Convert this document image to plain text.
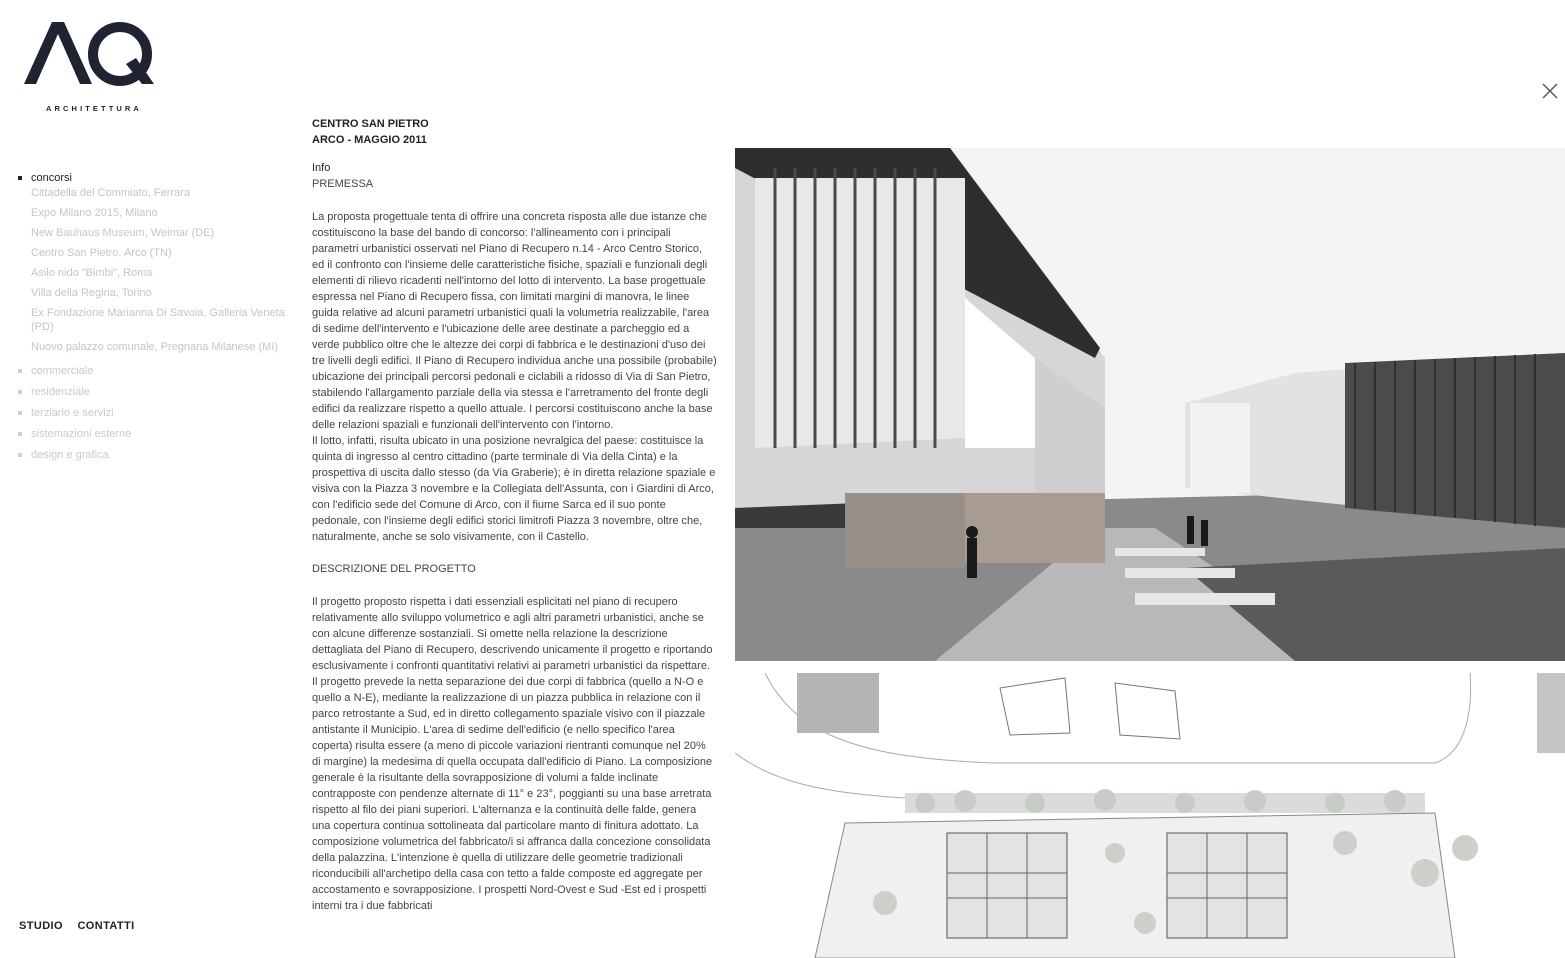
ARCHITETTURA
concorsi
Cittadella del Commiato, Ferrara
Expo Milano 2015, Milano
New Bauhaus Museum, Weimar (DE)
Centro San Pietro, Arco (TN)
Asilo nido "Bimbi", Roma
Villa della Regina, Torino
Ex Fondazione Marianna Di Savoia, Galleria Veneta (PD)
Nuovo palazzo comunale, Pregnana Milanese (MI)
commerciale
residenziale
terziario e servizi
sistemazioni esterne
design e grafica
STUDIO CONTATTI
CENTRO SAN PIETRO
ARCO - MAGGIO 2011
Info
PREMESSA

La proposta progettuale tenta di offrire una concreta risposta alle due istanze che costituiscono la base del bando di concorso: l'allineamento con i principali parametri urbanistici osservati nel Piano di Recupero n.14 - Arco Centro Storico, ed il confronto con l'insieme delle caratteristiche fisiche, spaziali e funzionali degli elementi di rilievo ricadenti nell'intorno del lotto di intervento. La base progettuale espressa nel Piano di Recupero fissa, con limitati margini di manovra, le linee guida relative ad alcuni parametri urbanistici quali la volumetria realizzabile, l'area di sedime dell'intervento e l'ubicazione delle aree destinate a parcheggio ed a verde pubblico oltre che le altezze dei corpi di fabbrica e le destinazioni d'uso dei tre livelli degli edifici. Il Piano di Recupero individua anche una possibile (probabile) ubicazione dei principali percorsi pedonali e ciclabili a ridosso di Via di San Pietro, stabilendo l'allargamento parziale della via stessa e l'arretramento del fronte degli edifici da realizzare rispetto a quello attuale. I percorsi costituiscono anche la base delle relazioni spaziali e funzionali dell'intervento con l'intorno.

Il lotto, infatti, risulta ubicato in una posizione nevralgica del paese: costituisce la quinta di ingresso al centro cittadino (parte terminale di Via della Cinta) e la prospettiva di uscita dallo stesso (da Via Graberie); è in diretta relazione spaziale e visiva con la Piazza 3 novembre e la Collegiata dell'Assunta, con i Giardini di Arco, con l'edificio sede del Comune di Arco, con il fiume Sarca ed il suo ponte pedonale, con l'insieme degli edifici storici limitrofi Piazza 3 novembre, oltre che, naturalmente, anche se solo visivamente, con il Castello.

DESCRIZIONE DEL PROGETTO

Il progetto proposto rispetta i dati essenziali esplicitati nel piano di recupero relativamente allo sviluppo volumetrico e agli altri parametri urbanistici, anche se con alcune differenze sostanziali. Si omette nella relazione la descrizione dettagliata del Piano di Recupero, descrivendo unicamente il progetto e riportando esclusivamente i confronti quantitativi relativi ai parametri urbanistici da rispettare.

Il progetto prevede la netta separazione dei due corpi di fabbrica (quello a N-O e quello a N-E), mediante la realizzazione di un piazza pubblica in relazione con il parco retrostante a Sud, ed in diretto collegamento spaziale visivo con il piazzale antistante il Municipio. L'area di sedime dell'edificio (e nello specifico l'area coperta) risulta essere (a meno di piccole variazioni rientranti comunque nel 20% di margine) la medesima di quella occupata dall'edificio di Piano. La composizione generale è la risultante della sovrapposizione di volumi a falde inclinate contrapposte con pendenze alternate di 11° e 23°, poggianti su una base arretrata rispetto al filo dei piani superiori. L'alternanza e la continuità delle falde, genera una copertura continua sottolineata dal particolare manto di finitura adottato. La composizione volumetrica del fabbricato/i si affranca dalla concezione consolidata della palazzina. L'intenzione è quella di utilizzare delle geometrie tradizionali riconducibili all'archetipo della casa con tetto a falde composte ed aggregate per accostamento e sovrapposizione. I prospetti Nord-Ovest e Sud -Est ed i prospetti interni tra i due fabbricati
